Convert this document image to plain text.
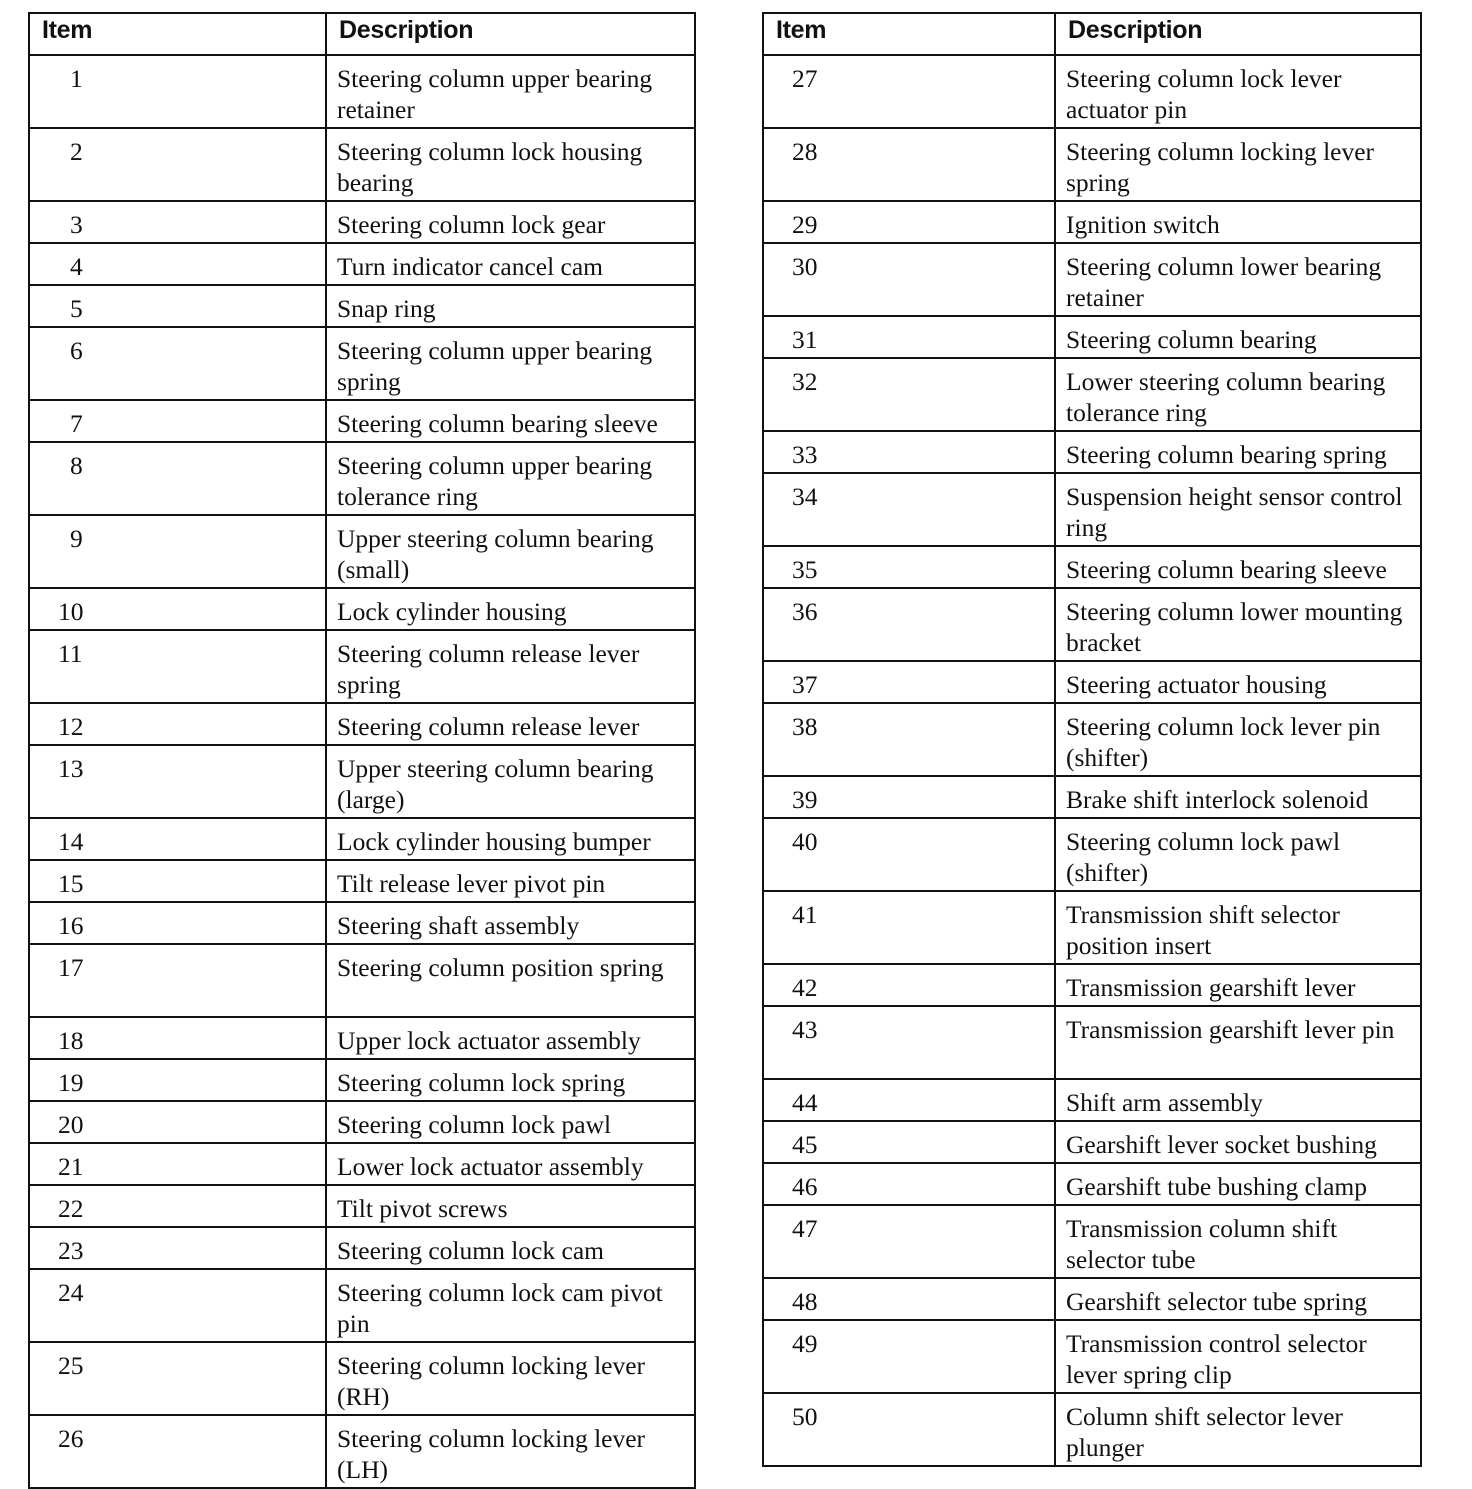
Item	Description
1	Steering column upper bearing retainer
2	Steering column lock housing bearing
3	Steering column lock gear
4	Turn indicator cancel cam
5	Snap ring
6	Steering column upper bearing spring
7	Steering column bearing sleeve
8	Steering column upper bearing tolerance ring
9	Upper steering column bearing (small)
10	Lock cylinder housing
11	Steering column release lever spring
12	Steering column release lever
13	Upper steering column bearing (large)
14	Lock cylinder housing bumper
15	Tilt release lever pivot pin
16	Steering shaft assembly
17	Steering column position spring
18	Upper lock actuator assembly
19	Steering column lock spring
20	Steering column lock pawl
21	Lower lock actuator assembly
22	Tilt pivot screws
23	Steering column lock cam
24	Steering column lock cam pivot pin
25	Steering column locking lever (RH)
26	Steering column locking lever (LH)
Item	Description
27	Steering column lock lever actuator pin
28	Steering column locking lever spring
29	Ignition switch
30	Steering column lower bearing retainer
31	Steering column bearing
32	Lower steering column bearing tolerance ring
33	Steering column bearing spring
34	Suspension height sensor control ring
35	Steering column bearing sleeve
36	Steering column lower mounting bracket
37	Steering actuator housing
38	Steering column lock lever pin (shifter)
39	Brake shift interlock solenoid
40	Steering column lock pawl (shifter)
41	Transmission shift selector position insert
42	Transmission gearshift lever
43	Transmission gearshift lever pin
44	Shift arm assembly
45	Gearshift lever socket bushing
46	Gearshift tube bushing clamp
47	Transmission column shift selector tube
48	Gearshift selector tube spring
49	Transmission control selector lever spring clip
50	Column shift selector lever plunger
